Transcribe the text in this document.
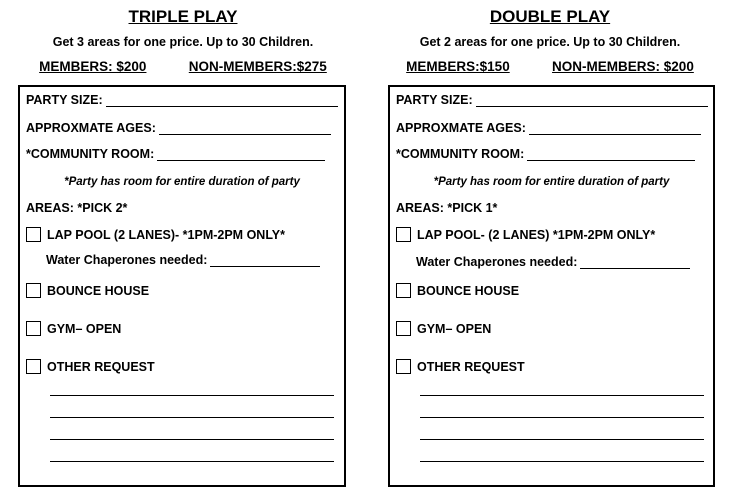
TRIPLE PLAY
Get 3 areas for one price. Up to 30 Children.
MEMBERS: $200	NON-MEMBERS:$275
PARTY SIZE:
APPROXMATE AGES:
*COMMUNITY ROOM:
*Party has room for entire duration of party
AREAS: *PICK 2*
LAP POOL (2 LANES)- *1PM-2PM ONLY*
Water Chaperones needed:
BOUNCE HOUSE
GYM– OPEN
OTHER REQUEST
DOUBLE PLAY
Get 2 areas for one price. Up to 30 Children.
MEMBERS:$150	NON-MEMBERS: $200
PARTY SIZE:
APPROXMATE AGES:
*COMMUNITY ROOM:
*Party has room for entire duration of party
AREAS: *PICK 1*
LAP POOL- (2 LANES) *1PM-2PM ONLY*
Water Chaperones needed:
BOUNCE HOUSE
GYM– OPEN
OTHER REQUEST
